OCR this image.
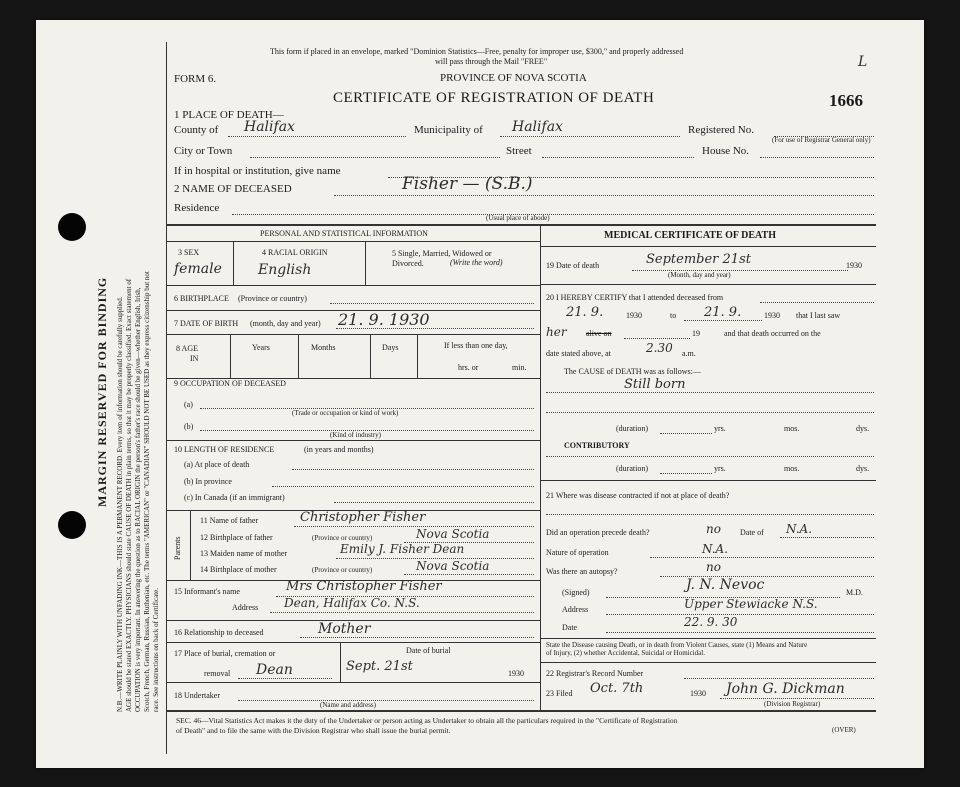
MARGIN RESERVED FOR BINDING N.B.—WRITE PLAINLY WITH UNFADING INK—THIS IS A PERMANENT RECORD. Every item of information should be carefully supplied. AGE should be stated EXACTLY. PHYSICIANS should state CAUSE OF DEATH in plain terms, so that it may be properly classified. Exact statement of OCCUPATION is very important. In answering the question as to RACIAL ORIGIN the person's father's race should be given—whether English, Irish, Scotch, French, German, Russian, Ruthenian, etc. The terms "AMERICAN" or "CANADIAN" SHOULD NOT BE USED as they express citizenship but not race. See instructions on back of Certificate.
This form if placed in an envelope, marked "Dominion Statistics—Free, penalty for improper use, $300," and properly addressed
will pass through the Mail "FREE"	L
FORM 6.	PROVINCE OF NOVA SCOTIA
1666
CERTIFICATE OF REGISTRATION OF DEATH
1 PLACE OF DEATH—
County of Halifax	Municipality of Halifax	Registered No.
(For use of Registrar General only)
City or Town	Street	House No.
If in hospital or institution, give name
2 NAME OF DECEASED	Fisher — (S.B.)
Residence
(Usual place of abode)
PERSONAL AND STATISTICAL INFORMATION
3 SEX
female
4 RACIAL ORIGIN
English
5 Single, Married, Widowed or Divorced.	(Write the word)
6 BIRTHPLACE (Province or country)
7 DATE OF BIRTH (month, day and year) 21. 9. 1930
8 AGE
IN
Years	Months	Days	If less than one day,
hrs. or	min.
9 OCCUPATION OF DECEASED
(a)
(Trade or occupation or kind of work)
(b)
(Kind of industry)
10 LENGTH OF RESIDENCE	(in years and months)
(a) At place of death
(b) In province
(c) In Canada (if an immigrant)
Parents
11 Name of father	Christopher Fisher
12 Birthplace of father	(Province or country)	Nova Scotia
13 Maiden name of mother	Emily J. Fisher Dean
14 Birthplace of mother	(Province or country)	Nova Scotia
15 Informant's name	Mrs Christopher Fisher
Address Dean, Halifax Co. N.S.
16 Relationship to deceased	Mother
17 Place of burial, cremation or
removal Dean
Date of burial
Sept. 21st	1930
18 Undertaker
(Name and address)
MEDICAL CERTIFICATE OF DEATH
19 Date of death	September 21st	1930
(Month, day and year)
20 I HEREBY CERTIFY that I attended deceased from
21. 9.	1930	to 21. 9.	1930 that I last saw
her alive on	19	and that death occurred on the
date stated above, at	2.30 a.m.
The CAUSE of DEATH was as follows:—
Still born
(duration)	yrs.	mos.	dys.
CONTRIBUTORY
(duration)	yrs.	mos.	dys.
21 Where was disease contracted if not at place of death?
Did an operation precede death?	no Date of N.A.
Nature of operation	N.A.
Was there an autopsy?	no
(Signed)	J. N. Nevoc	M.D.
Address	Upper Stewiacke N.S.
Date	22. 9. 30
State the Disease causing Death, or in death from Violent Causes, state (1) Means and Nature
of Injury, (2) whether Accidental, Suicidal or Homicidal.
22 Registrar's Record Number
23 Filed Oct. 7th	1930 John G. Dickman
(Division Registrar)
SEC. 46—Vital Statistics Act makes it the duty of the Undertaker or person acting as Undertaker to obtain all the particulars required in the "Certificate of Registration
of Death" and to file the same with the Division Registrar who shall issue the burial permit.	(OVER)
